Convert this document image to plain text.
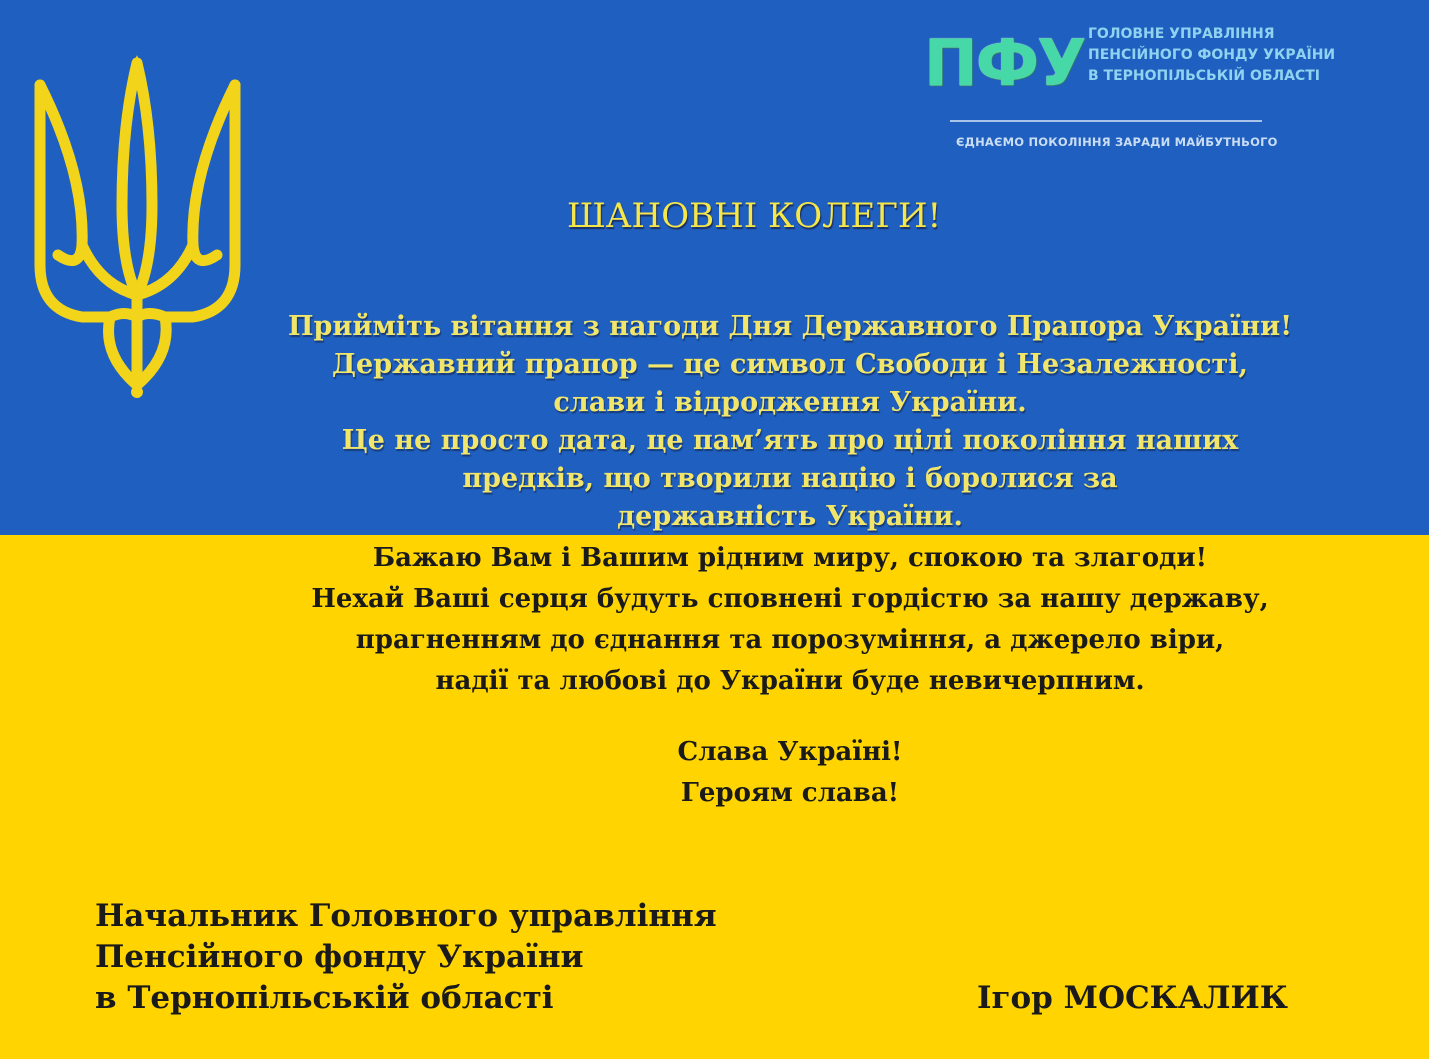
ПФУ ГОЛОВНЕ УПРАВЛІННЯ
ПЕНСІЙНОГО ФОНДУ УКРАЇНИ
В ТЕРНОПІЛЬСЬКІЙ ОБЛАСТІ
ЄДНАЄМО ПОКОЛІННЯ ЗАРАДИ МАЙБУТНЬОГО
ШАНОВНІ КОЛЕГИ!
Прийміть вітання з нагоди Дня Державного Прапора України!
Державний прапор — це символ Свободи і Незалежності,
слави і відродження України.
Це не просто дата, це пам’ять про цілі покоління наших
предків, що творили націю і боролися за
державність України.
Бажаю Вам і Вашим рідним миру, спокою та злагоди!
Нехай Ваші серця будуть сповнені гордістю за нашу державу,
прагненням до єднання та порозуміння, а джерело віри,
надії та любові до України буде невичерпним.
Слава Україні!
Героям слава!
Начальник Головного управління
Пенсійного фонду України
в Тернопільській області	Ігор МОСКАЛИК
